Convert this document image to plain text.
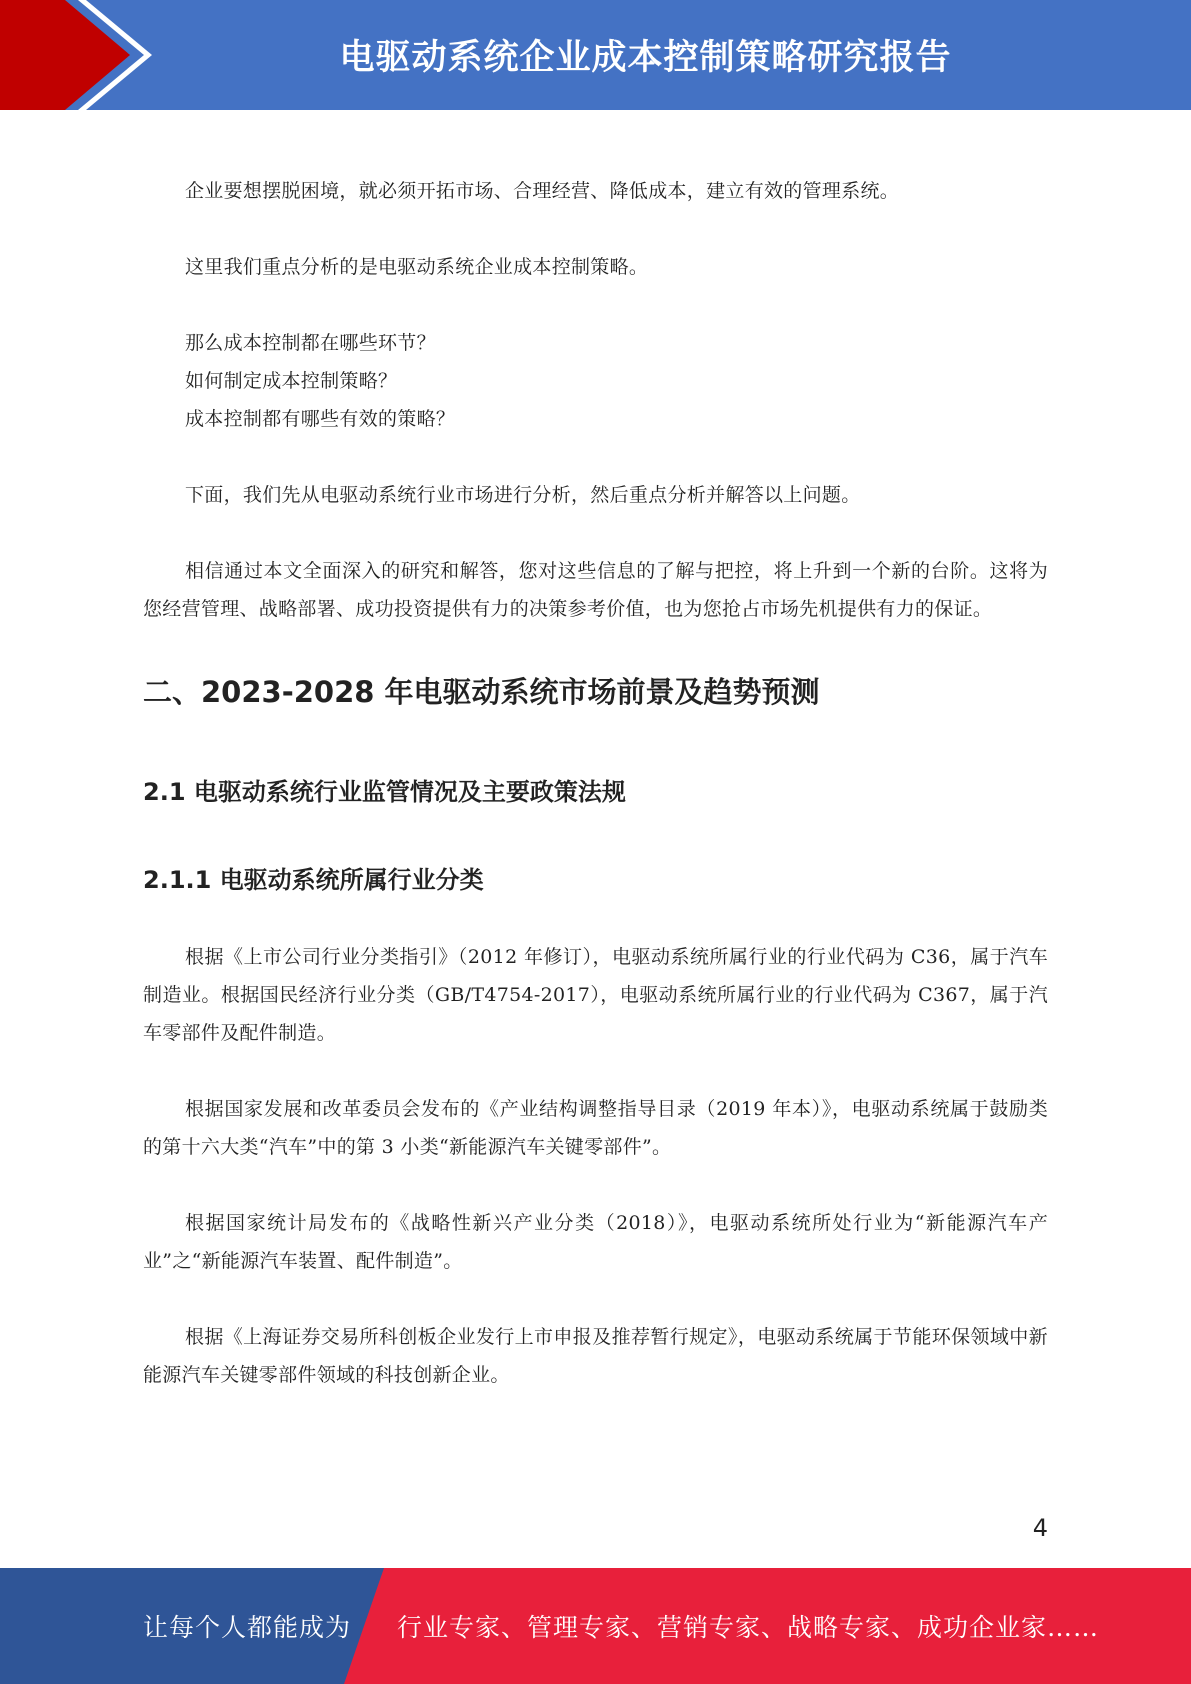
电驱动系统企业成本控制策略研究报告

企业要想摆脱困境，就必须开拓市场、合理经营、降低成本，建立有效的管理系统。

这里我们重点分析的是电驱动系统企业成本控制策略。

那么成本控制都在哪些环节？

如何制定成本控制策略？

成本控制都有哪些有效的策略？

下面，我们先从电驱动系统行业市场进行分析，然后重点分析并解答以上问题。

相信通过本文全面深入的研究和解答，您对这些信息的了解与把控，将上升到一个新的台阶。这将为您经营管理、战略部署、成功投资提供有力的决策参考价值，也为您抢占市场先机提供有力的保证。

二、2023-2028 年电驱动系统市场前景及趋势预测
2.1 电驱动系统行业监管情况及主要政策法规
2.1.1 电驱动系统所属行业分类

根据《上市公司行业分类指引》（2012 年修订），电驱动系统所属行业的行业代码为 C36，属于汽车制造业。根据国民经济行业分类（GB/T4754-2017），电驱动系统所属行业的行业代码为 C367，属于汽车零部件及配件制造。

根据国家发展和改革委员会发布的《产业结构调整指导目录（2019 年本）》，电驱动系统属于鼓励类的第十六大类“汽车”中的第 3 小类“新能源汽车关键零部件”。

根据国家统计局发布的《战略性新兴产业分类（2018）》，电驱动系统所处行业为“新能源汽车产业”之“新能源汽车装置、配件制造”。

根据《上海证券交易所科创板企业发行上市申报及推荐暂行规定》，电驱动系统属于节能环保领域中新能源汽车关键零部件领域的科技创新企业。

4
让每个人都能成为 行业专家、管理专家、营销专家、战略专家、成功企业家……
